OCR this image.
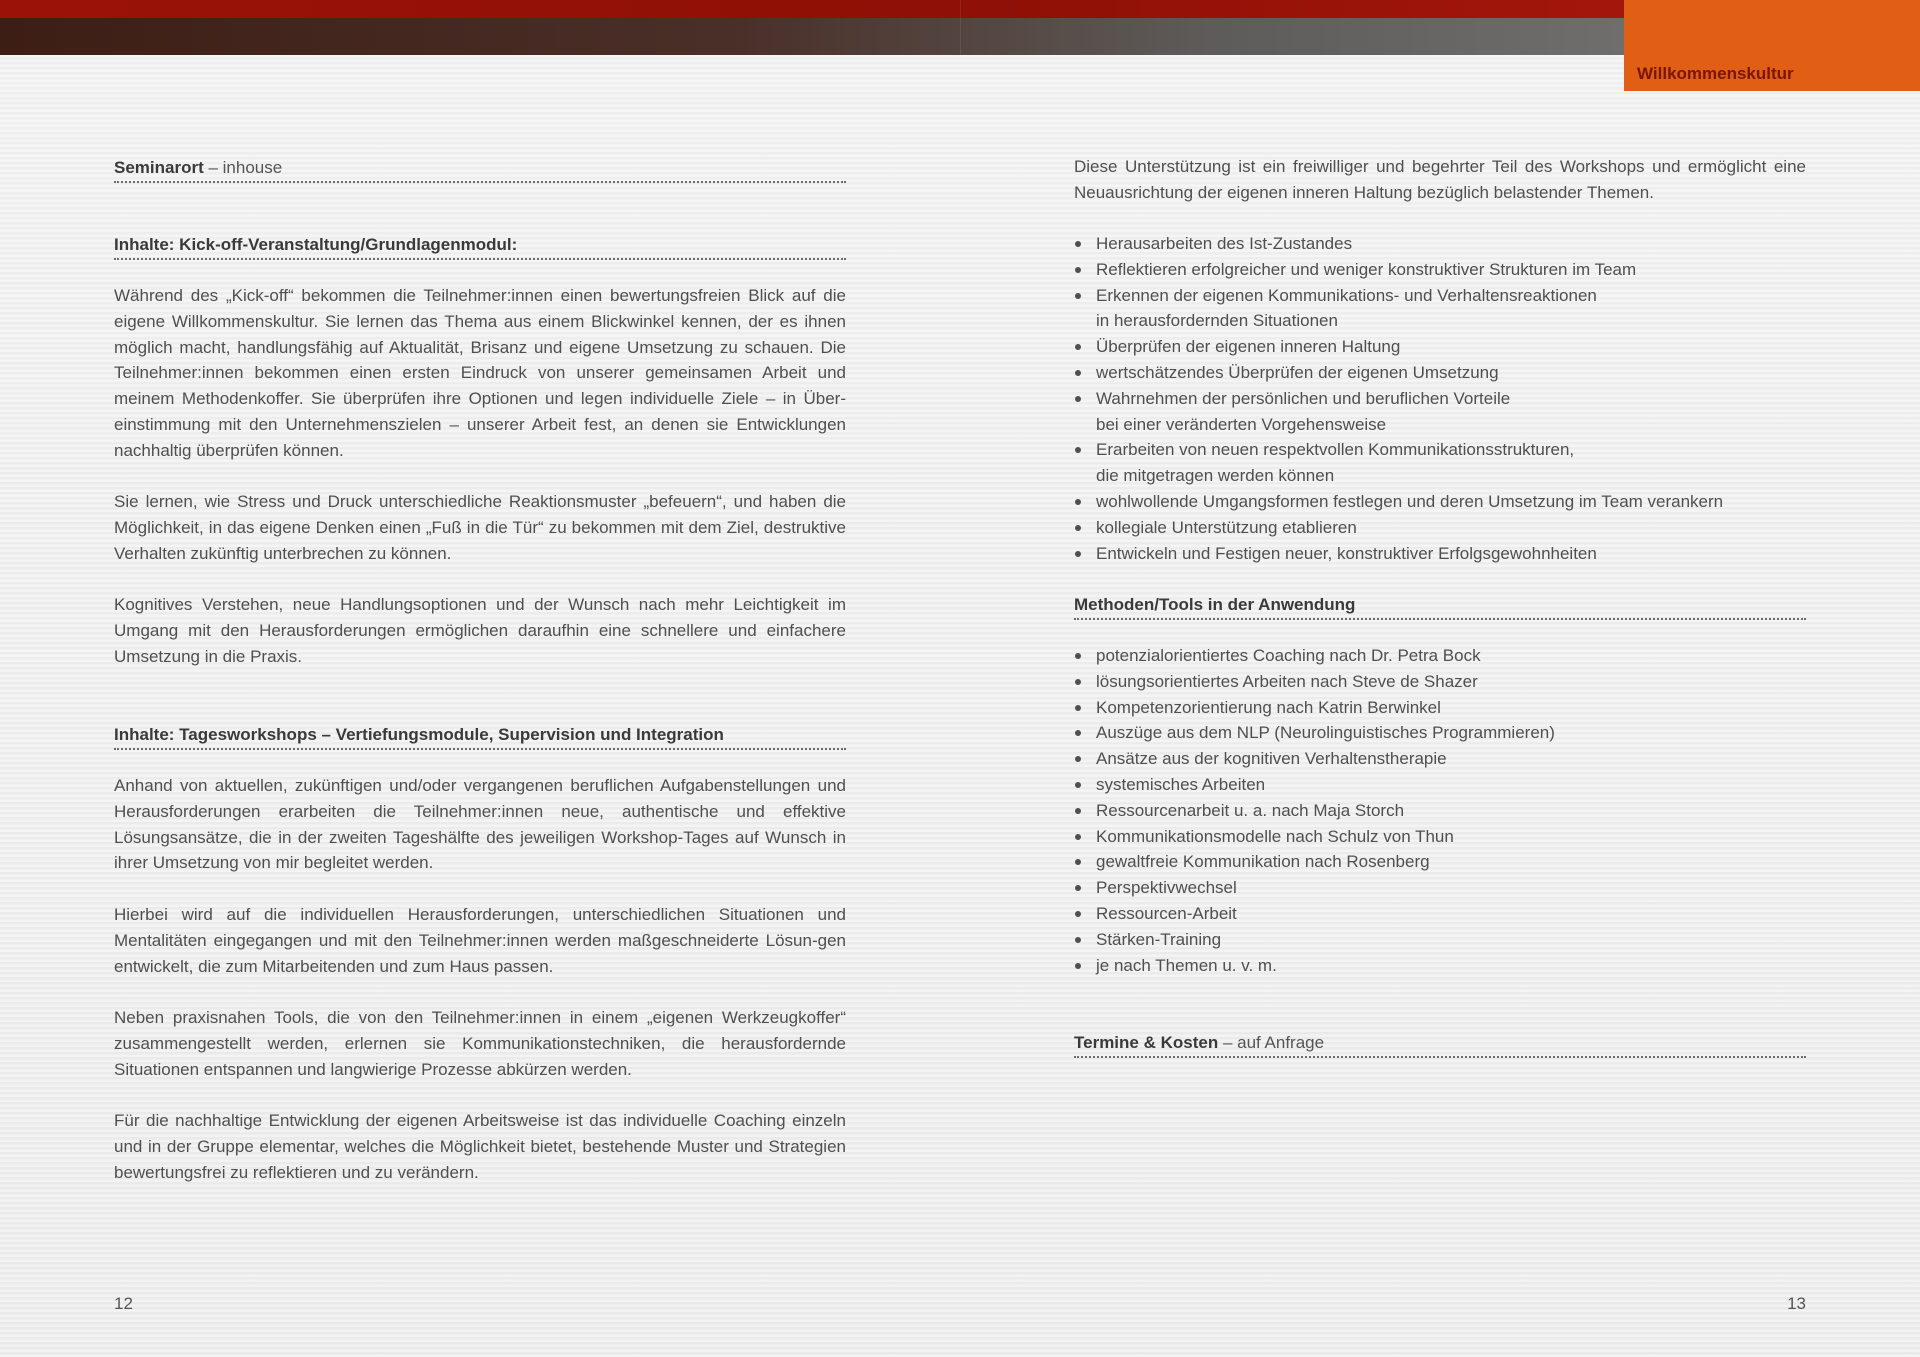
Willkommenskultur
Seminarort – inhouse
Inhalte: Kick-off-Veranstaltung/Grundlagenmodul:
Während des „Kick-off“ bekommen die Teilnehmer:innen einen bewertungsfreien Blick auf die eigene Willkommenskultur. Sie lernen das Thema aus einem Blickwinkel kennen, der es ihnen möglich macht, handlungsfähig auf Aktualität, Brisanz und eigene Umsetzung zu schauen. Die Teilnehmer:innen bekommen einen ersten Eindruck von unserer gemeinsamen Arbeit und meinem Methodenkoffer. Sie überprüfen ihre Optionen und legen individuelle Ziele – in Über-einstimmung mit den Unternehmenszielen – unserer Arbeit fest, an denen sie Entwicklungen nachhaltig überprüfen können.
Sie lernen, wie Stress und Druck unterschiedliche Reaktionsmuster „befeuern“, und haben die Möglichkeit, in das eigene Denken einen „Fuß in die Tür“ zu bekommen mit dem Ziel, destruktive Verhalten zukünftig unterbrechen zu können.
Kognitives Verstehen, neue Handlungsoptionen und der Wunsch nach mehr Leichtigkeit im Umgang mit den Herausforderungen ermöglichen daraufhin eine schnellere und einfachere Umsetzung in die Praxis.
Inhalte: Tagesworkshops – Vertiefungsmodule, Supervision und Integration
Anhand von aktuellen, zukünftigen und/oder vergangenen beruflichen Aufgabenstellungen und Herausforderungen erarbeiten die Teilnehmer:innen neue, authentische und effektive Lösungsansätze, die in der zweiten Tageshälfte des jeweiligen Workshop-Tages auf Wunsch in ihrer Umsetzung von mir begleitet werden.
Hierbei wird auf die individuellen Herausforderungen, unterschiedlichen Situationen und Mentalitäten eingegangen und mit den Teilnehmer:innen werden maßgeschneiderte Lösun-gen entwickelt, die zum Mitarbeitenden und zum Haus passen.
Neben praxisnahen Tools, die von den Teilnehmer:innen in einem „eigenen Werkzeugkoffer“ zusammengestellt werden, erlernen sie Kommunikationstechniken, die herausfordernde Situationen entspannen und langwierige Prozesse abkürzen werden.
Für die nachhaltige Entwicklung der eigenen Arbeitsweise ist das individuelle Coaching einzeln und in der Gruppe elementar, welches die Möglichkeit bietet, bestehende Muster und Strategien bewertungsfrei zu reflektieren und zu verändern.
12
Diese Unterstützung ist ein freiwilliger und begehrter Teil des Workshops und ermöglicht eine Neuausrichtung der eigenen inneren Haltung bezüglich belastender Themen.
Herausarbeiten des Ist-Zustandes
Reflektieren erfolgreicher und weniger konstruktiver Strukturen im Team
Erkennen der eigenen Kommunikations- und Verhaltensreaktionen
in herausfordernden Situationen
Überprüfen der eigenen inneren Haltung
wertschätzendes Überprüfen der eigenen Umsetzung
Wahrnehmen der persönlichen und beruflichen Vorteile
bei einer veränderten Vorgehensweise
Erarbeiten von neuen respektvollen Kommunikationsstrukturen,
die mitgetragen werden können
wohlwollende Umgangsformen festlegen und deren Umsetzung im Team verankern
kollegiale Unterstützung etablieren
Entwickeln und Festigen neuer, konstruktiver Erfolgsgewohnheiten
Methoden/Tools in der Anwendung
potenzialorientiertes Coaching nach Dr. Petra Bock
lösungsorientiertes Arbeiten nach Steve de Shazer
Kompetenzorientierung nach Katrin Berwinkel
Auszüge aus dem NLP (Neurolinguistisches Programmieren)
Ansätze aus der kognitiven Verhaltenstherapie
systemisches Arbeiten
Ressourcenarbeit u. a. nach Maja Storch
Kommunikationsmodelle nach Schulz von Thun
gewaltfreie Kommunikation nach Rosenberg
Perspektivwechsel
Ressourcen-Arbeit
Stärken-Training
je nach Themen u. v. m.
Termine & Kosten – auf Anfrage
13
